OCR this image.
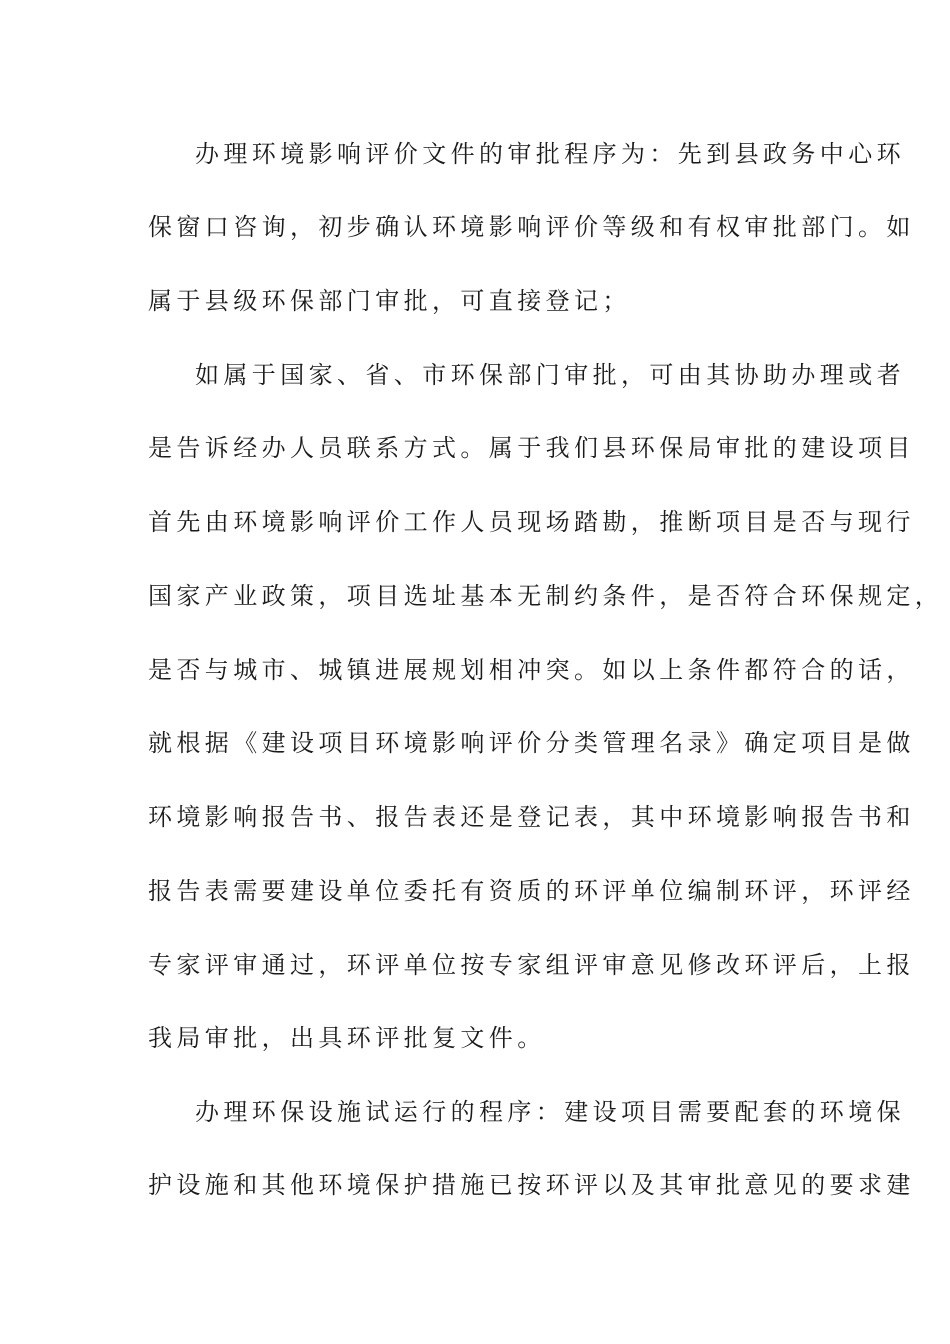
办理环境影响评价文件的审批程序为：先到县政务中心环
保窗口咨询，初步确认环境影响评价等级和有权审批部门。如
属于县级环保部门审批，可直接登记；
如属于国家、省、市环保部门审批，可由其协助办理或者
是告诉经办人员联系方式。属于我们县环保局审批的建设项目
首先由环境影响评价工作人员现场踏勘，推断项目是否与现行
国家产业政策，项目选址基本无制约条件，是否符合环保规定，
是否与城市、城镇进展规划相冲突。如以上条件都符合的话，
就根据《建设项目环境影响评价分类管理名录》确定项目是做
环境影响报告书、报告表还是登记表，其中环境影响报告书和
报告表需要建设单位委托有资质的环评单位编制环评，环评经
专家评审通过，环评单位按专家组评审意见修改环评后，上报
我局审批，出具环评批复文件。
办理环保设施试运行的程序：建设项目需要配套的环境保
护设施和其他环境保护措施已按环评以及其审批意见的要求建
